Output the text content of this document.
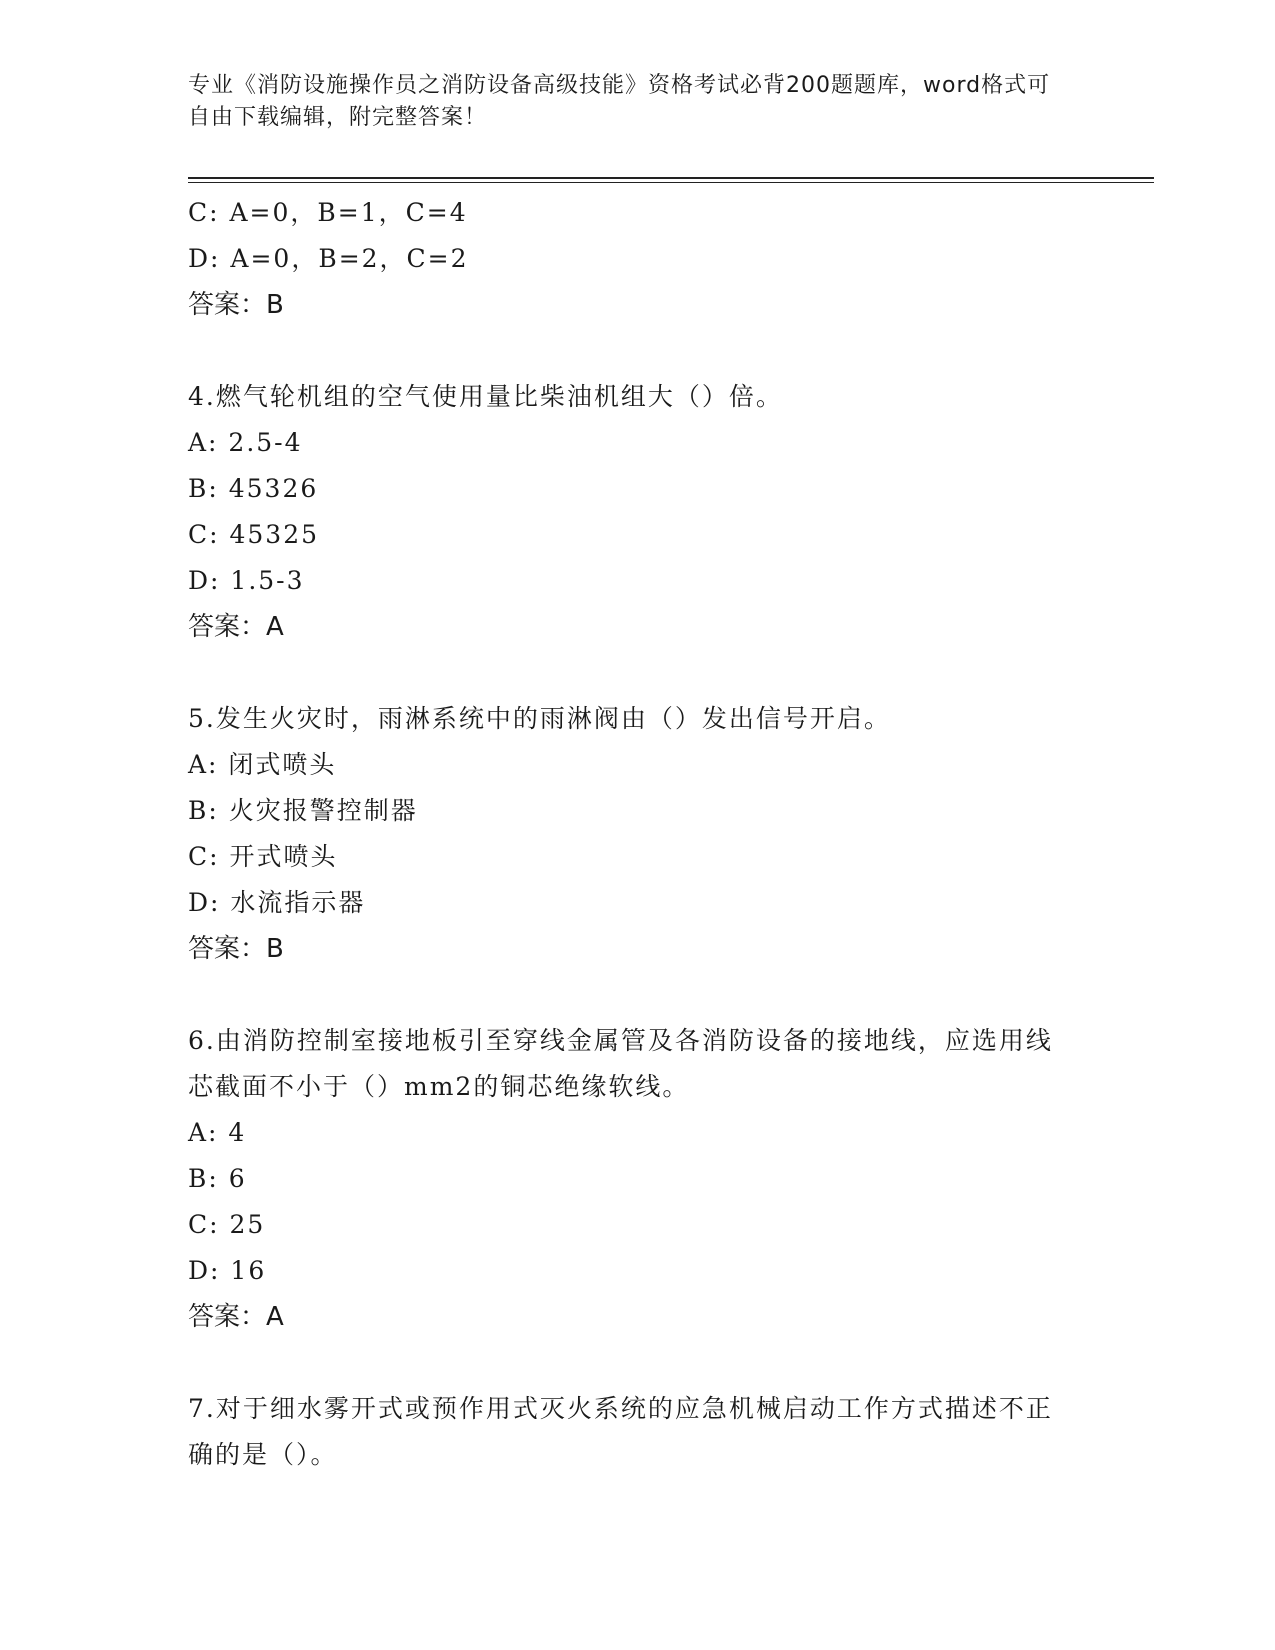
专业《消防设施操作员之消防设备高级技能》资格考试必背200题题库，word格式可自由下载编辑，附完整答案！
C: A=0，B=1，C=4
D: A=0，B=2，C=2
答案：B
4.燃气轮机组的空气使用量比柴油机组大（）倍。
A: 2.5-4
B: 45326
C: 45325
D: 1.5-3
答案：A
5.发生火灾时，雨淋系统中的雨淋阀由（）发出信号开启。
A: 闭式喷头
B: 火灾报警控制器
C: 开式喷头
D: 水流指示器
答案：B
6.由消防控制室接地板引至穿线金属管及各消防设备的接地线，应选用线芯截面不小于（）mm2的铜芯绝缘软线。
A: 4
B: 6
C: 25
D: 16
答案：A
7.对于细水雾开式或预作用式灭火系统的应急机械启动工作方式描述不正确的是（）。
